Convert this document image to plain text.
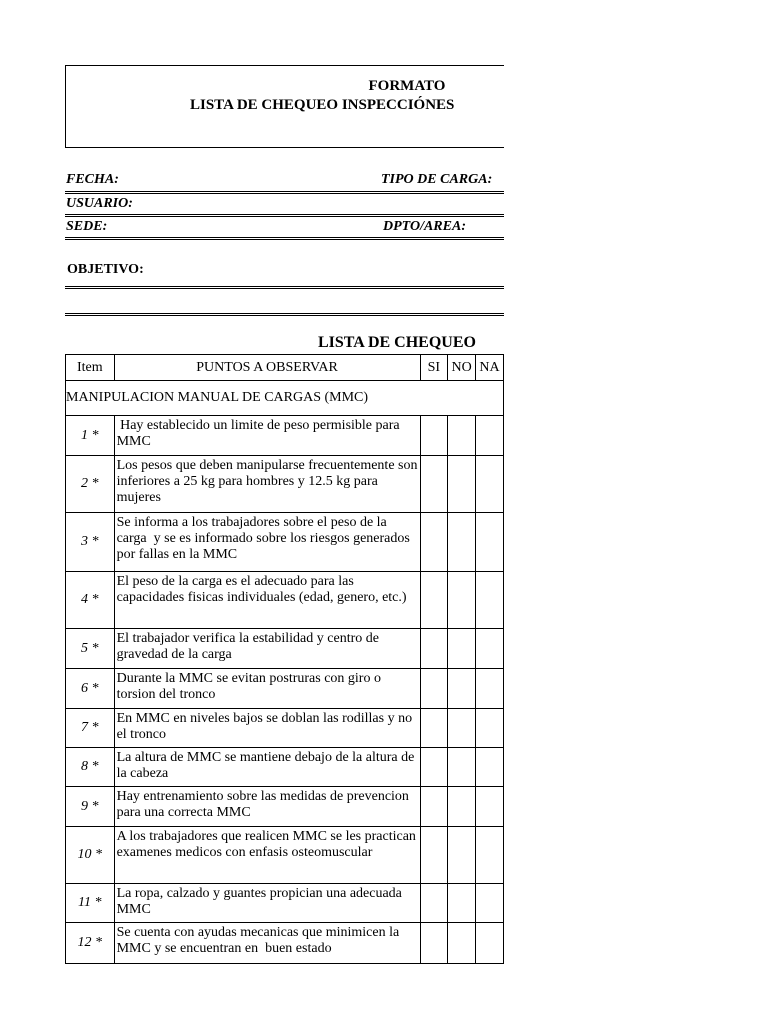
FORMATO
LISTA DE CHEQUEO INSPECCIÓNES
FECHA:	TIPO DE CARGA:
USUARIO:
SEDE:	DPTO/AREA:
OBJETIVO:
LISTA DE CHEQUEO
Item	PUNTOS A OBSERVAR	SI	NO	NA

MANIPULACION MANUAL DE CARGAS (MMC)				

1 *	Hay establecido un limite de peso permisible para MMC			

2 *	Los pesos que deben manipularse frecuentemente son inferiores a 25 kg para hombres y 12.5 kg para mujeres			

3 *	Se informa a los trabajadores sobre el peso de la carga  y se es informado sobre los riesgos generados por fallas en la MMC			

4 *	El peso de la carga es el adecuado para las capacidades fisicas individuales (edad, genero, etc.)			

5 *	El trabajador verifica la estabilidad y centro de gravedad de la carga			

6 *	Durante la MMC se evitan postruras con giro o torsion del tronco			

7 *	En MMC en niveles bajos se doblan las rodillas y no el tronco			

8 *	La altura de MMC se mantiene debajo de la altura de la cabeza			

9 *	Hay entrenamiento sobre las medidas de prevencion para una correcta MMC			

10 *	A los trabajadores que realicen MMC se les practican examenes medicos con enfasis osteomuscular			

11 *	La ropa, calzado y guantes propician una adecuada MMC			

12 *	Se cuenta con ayudas mecanicas que minimicen la MMC y se encuentran en  buen estado			
